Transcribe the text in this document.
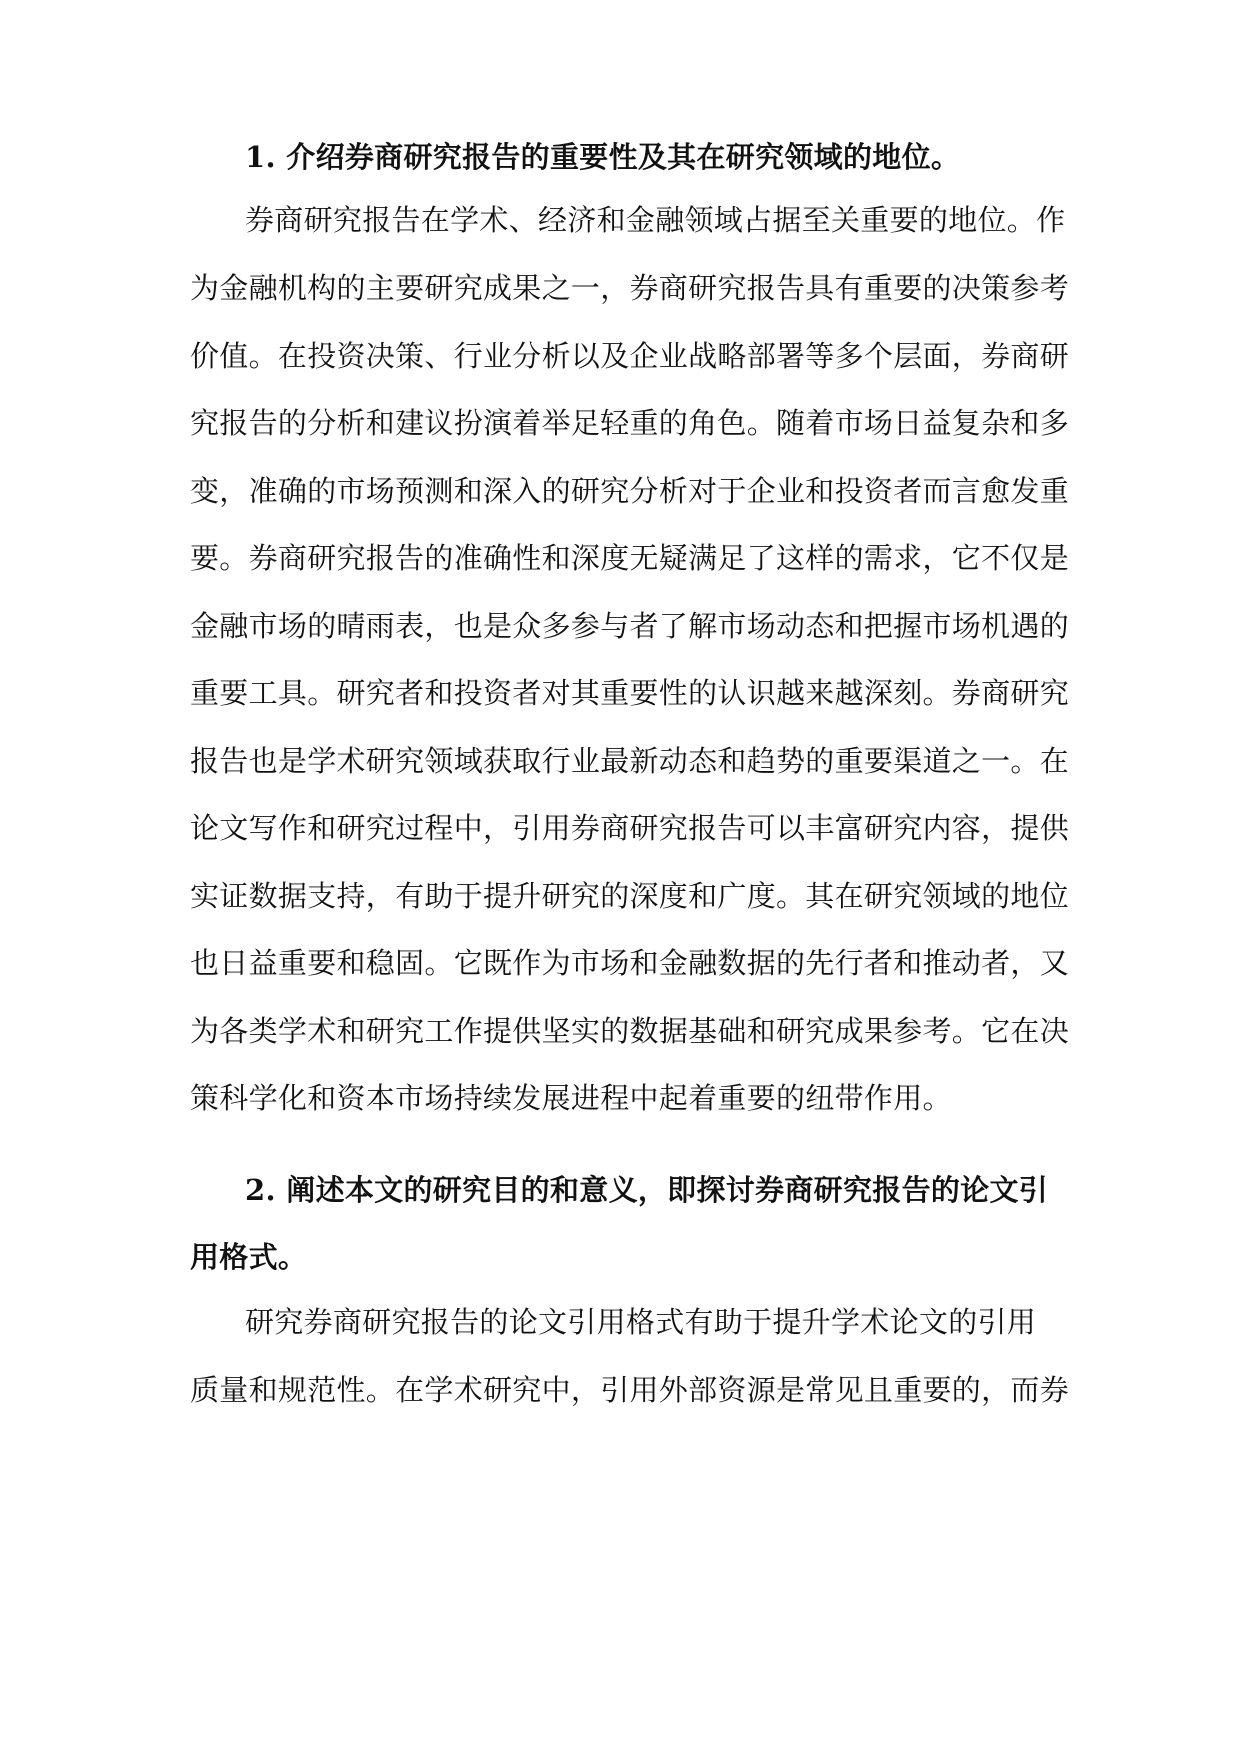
1. 介绍券商研究报告的重要性及其在研究领域的地位。
券商研究报告在学术、经济和金融领域占据至关重要的地位。作
为金融机构的主要研究成果之一，券商研究报告具有重要的决策参考
价值。在投资决策、行业分析以及企业战略部署等多个层面，券商研
究报告的分析和建议扮演着举足轻重的角色。随着市场日益复杂和多
变，准确的市场预测和深入的研究分析对于企业和投资者而言愈发重
要。券商研究报告的准确性和深度无疑满足了这样的需求，它不仅是
金融市场的晴雨表，也是众多参与者了解市场动态和把握市场机遇的
重要工具。研究者和投资者对其重要性的认识越来越深刻。券商研究
报告也是学术研究领域获取行业最新动态和趋势的重要渠道之一。在
论文写作和研究过程中，引用券商研究报告可以丰富研究内容，提供
实证数据支持，有助于提升研究的深度和广度。其在研究领域的地位
也日益重要和稳固。它既作为市场和金融数据的先行者和推动者，又
为各类学术和研究工作提供坚实的数据基础和研究成果参考。它在决
策科学化和资本市场持续发展进程中起着重要的纽带作用。
2. 阐述本文的研究目的和意义，即探讨券商研究报告的论文引
用格式。
研究券商研究报告的论文引用格式有助于提升学术论文的引用
质量和规范性。在学术研究中，引用外部资源是常见且重要的，而券
